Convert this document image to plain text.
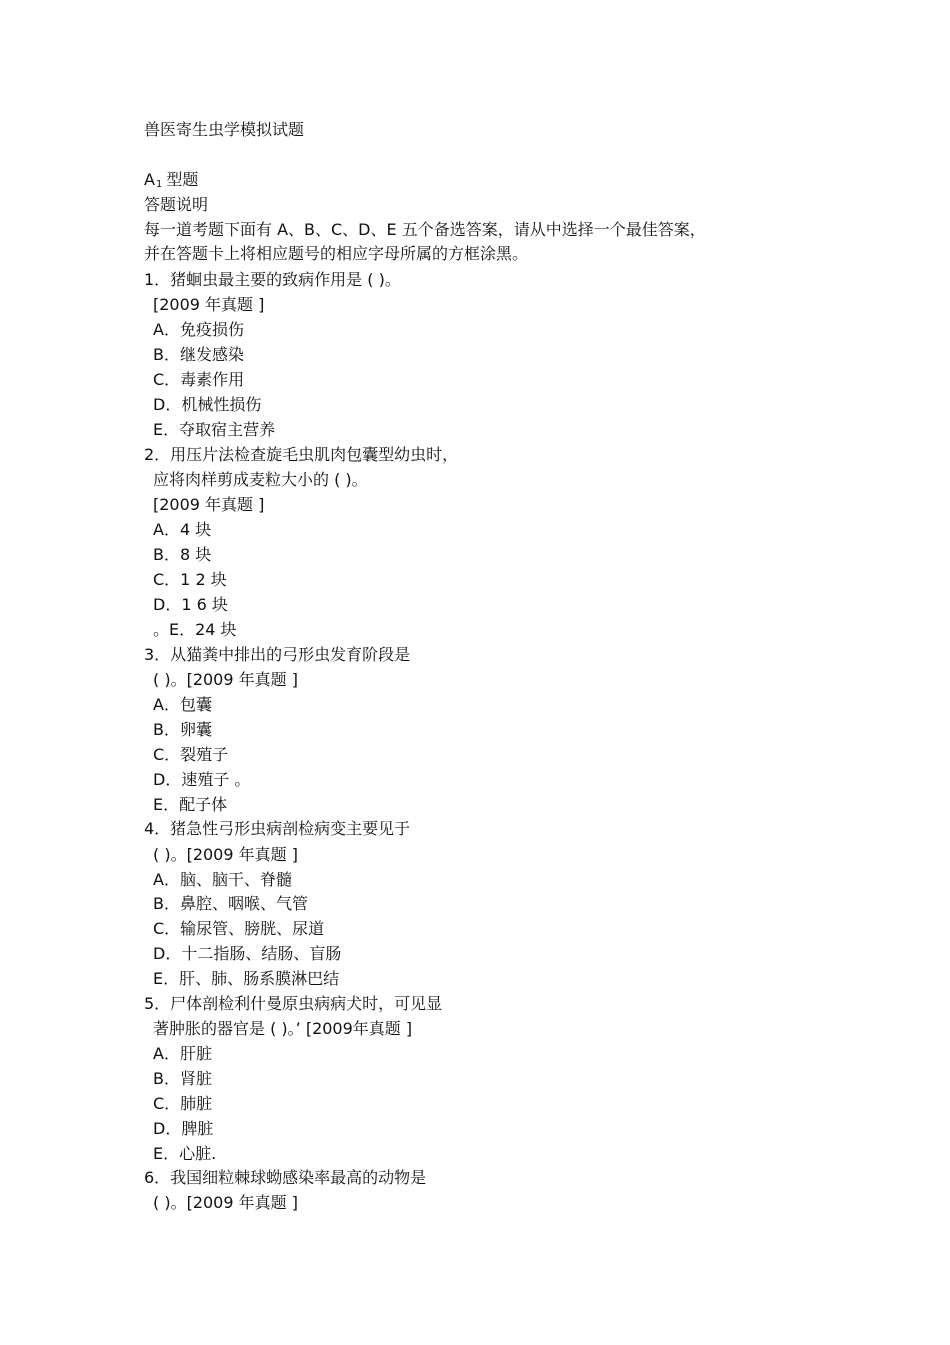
兽医寄生虫学模拟试题
$A_1$ 型题
答题说明
每一道考题下面有 A、B、C、D、E 五个备选答案，请从中选择一个最佳答案，
并在答题卡上将相应题号的相应字母所属的方框涂黑。
1．猪蛔虫最主要的致病作用是 ( )。
[2009 年真题 ]
A．免疫损伤
B．继发感染
C．毒素作用
D．机械性损伤
E．夺取宿主营养
2．用压片法检查旋毛虫肌肉包囊型幼虫时，
应将肉样剪成麦粒大小的 ( )。
[2009 年真题 ]
A．4 块
B．8 块
C．1 2 块
D．1 6 块
。E．24 块
3．从猫粪中排出的弓形虫发育阶段是
( )。[2009 年真题 ]
A．包囊
B．卵囊
C．裂殖子
D．速殖子 。
E．配子体
4．猪急性弓形虫病剖检病变主要见于
( )。[2009 年真题 ]
A．脑、脑干、脊髓
B．鼻腔、咽喉、气管
C．输尿管、膀胱、尿道
D．十二指肠、结肠、盲肠
E．肝、肺、肠系膜淋巴结
5．尸体剖检利什曼原虫病病犬时，可见显
著肿胀的器官是 ( )。’ [2009年真题 ]
A．肝脏
B．肾脏
C．肺脏
D．脾脏
E．心脏.
6．我国细粒棘球蚴感染率最高的动物是
( )。[2009 年真题 ]
